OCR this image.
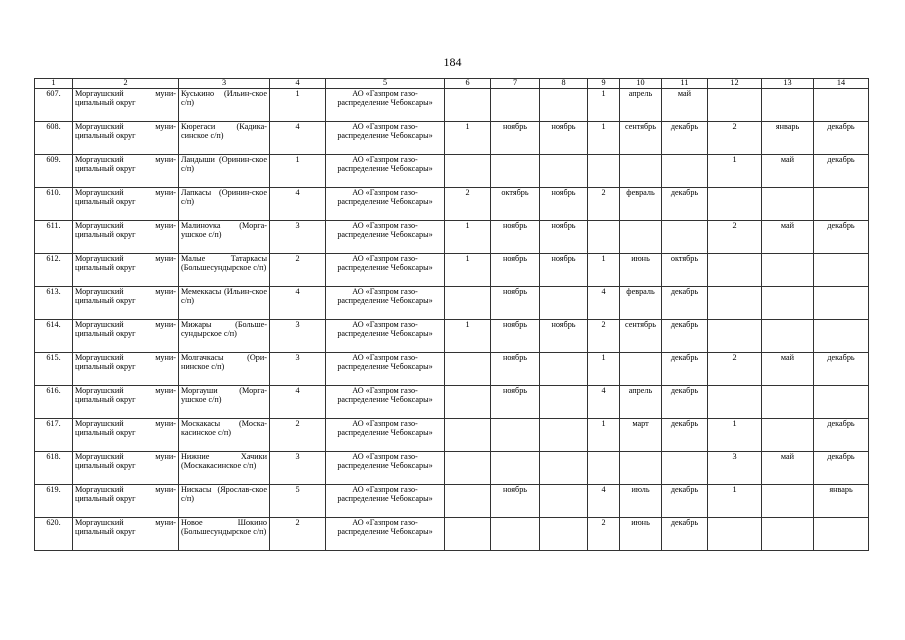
184
1	2	3	4	5	6	7	8	9	10	11	12	13	14
607.	Моргаушский муни-ципальный округ	Куськино (Ильин-ское с/п)	1	АО «Газпром газо-распределение Чебоксары»				1	апрель	май			
608.	Моргаушский муни-ципальный округ	Кюрегаси (Кадика-синское с/п)	4	АО «Газпром газо-распределение Чебоксары»	1	ноябрь	ноябрь	1	сентябрь	декабрь	2	январь	декабрь
609.	Моргаушский муни-ципальный округ	Ландыши (Оринин-ское с/п)	1	АО «Газпром газо-распределение Чебоксары»							1	май	декабрь
610.	Моргаушский муни-ципальный округ	Лапкасы (Оринин-ское с/п)	4	АО «Газпром газо-распределение Чебоксары»	2	октябрь	ноябрь	2	февраль	декабрь			
611.	Моргаушский муни-ципальный округ	Малинovка (Морга-ушское с/п)	3	АО «Газпром газо-распределение Чебоксары»	1	ноябрь	ноябрь				2	май	декабрь
612.	Моргаушский муни-ципальный округ	Малые Татаркасы (Большесундырское с/п)	2	АО «Газпром газо-распределение Чебоксары»	1	ноябрь	ноябрь	1	июнь	октябрь			
613.	Моргаушский муни-ципальный округ	Мемеккасы (Ильин-ское с/п)	4	АО «Газпром газо-распределение Чебоксары»		ноябрь		4	февраль	декабрь			
614.	Моргаушский муни-ципальный округ	Мижары (Больше-сундырское с/п)	3	АО «Газпром газо-распределение Чебоксары»	1	ноябрь	ноябрь	2	сентябрь	декабрь			
615.	Моргаушский муни-ципальный округ	Молгачкасы (Ори-нинское с/п)	3	АО «Газпром газо-распределение Чебоксары»		ноябрь		1		декабрь	2	май	декабрь
616.	Моргаушский муни-ципальный округ	Моргауши (Морга-ушское с/п)	4	АО «Газпром газо-распределение Чебоксары»		ноябрь		4	апрель	декабрь			
617.	Моргаушский муни-ципальный округ	Москакасы (Моска-касинское с/п)	2	АО «Газпром газо-распределение Чебоксары»				1	март	декабрь	1		декабрь
618.	Моргаушский муни-ципальный округ	Нижние Хачики (Москакасинское с/п)	3	АО «Газпром газо-распределение Чебоксары»							3	май	декабрь
619.	Моргаушский муни-ципальный округ	Нискасы (Ярослав-ское с/п)	5	АО «Газпром газо-распределение Чебоксары»		ноябрь		4	июль	декабрь	1		январь
620.	Моргаушский муни-ципальный округ	Новое Шокино (Большесундырское с/п)	2	АО «Газпром газо-распределение Чебоксары»				2	июнь	декабрь			
